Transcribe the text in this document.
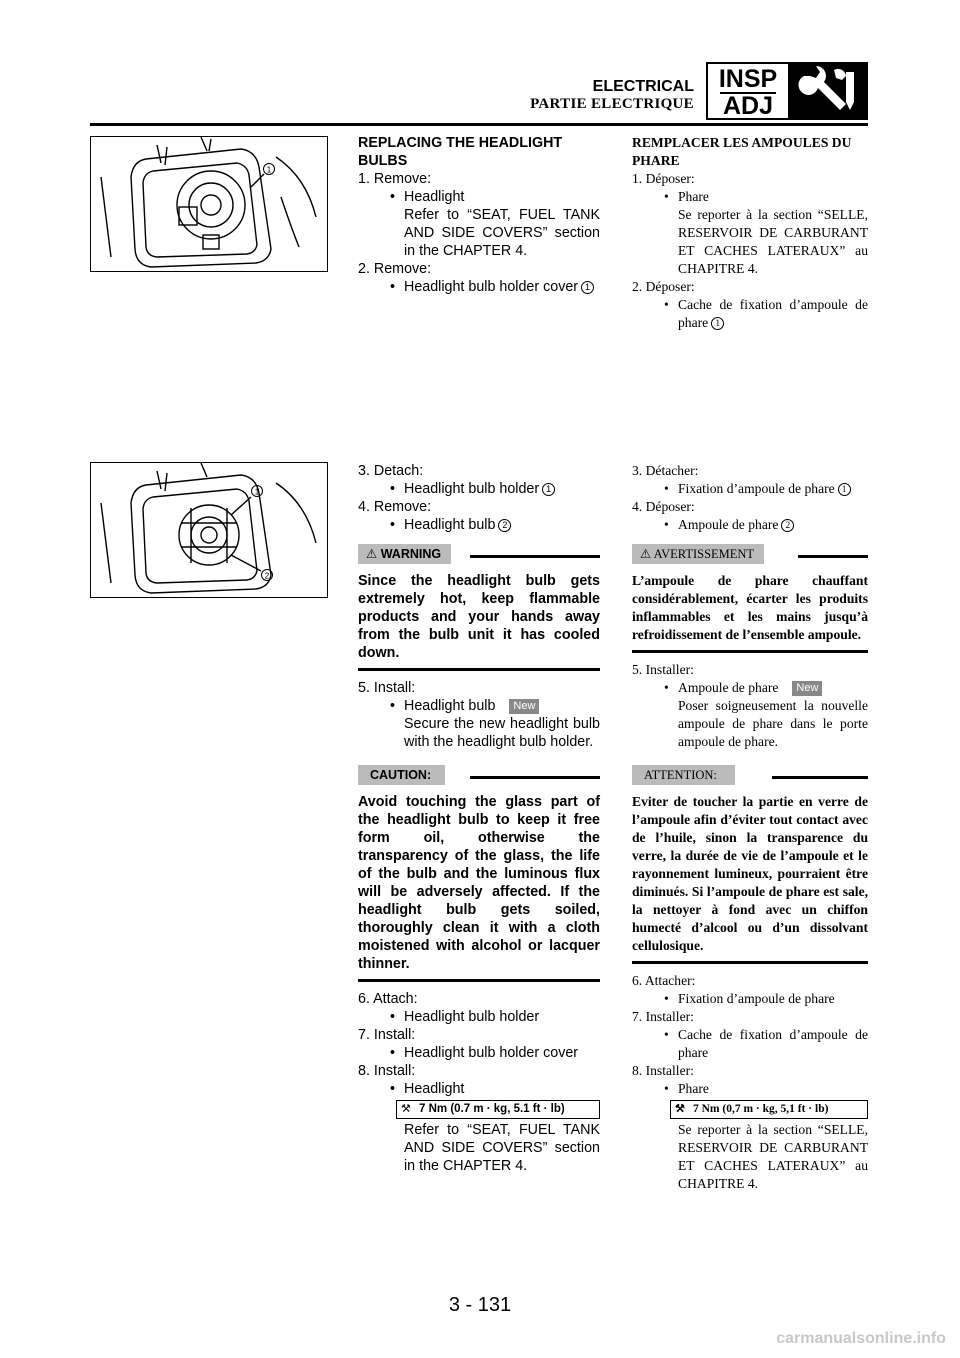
ELECTRICAL
PARTIE ELECTRIQUE
INSP
ADJ
1
1
2
REPLACING THE HEADLIGHT BULBS
1. Remove:
• Headlight
Refer to “SEAT, FUEL TANK AND SIDE COVERS” section in the CHAPTER 4.
2. Remove:
• Headlight bulb holder cover 1
REMPLACER LES AMPOULES DU PHARE
1. Déposer:
• Phare
Se reporter à la section “SELLE, RESERVOIR DE CARBURANT ET CACHES LATERAUX” au CHAPITRE 4.
2. Déposer:
• Cache de fixation d’ampoule de phare 1
3. Detach:
• Headlight bulb holder 1
4. Remove:
• Headlight bulb 2
⚠ WARNING
Since the headlight bulb gets extremely hot, keep flammable products and your hands away from the bulb unit it has cooled down.
5. Install:
• Headlight bulb New
Secure the new headlight bulb with the headlight bulb holder.
CAUTION:
Avoid touching the glass part of the headlight bulb to keep it free form oil, otherwise the transparency of the glass, the life of the bulb and the luminous flux will be adversely affected. If the headlight bulb gets soiled, thoroughly clean it with a cloth moistened with alcohol or lacquer thinner.
6. Attach:
• Headlight bulb holder
7. Install:
• Headlight bulb holder cover
8. Install:
• Headlight
⚒ 7 Nm (0.7 m · kg, 5.1 ft · lb)
Refer to “SEAT, FUEL TANK AND SIDE COVERS” section in the CHAPTER 4.
3. Détacher:
• Fixation d’ampoule de phare 1
4. Déposer:
• Ampoule de phare 2
⚠ AVERTISSEMENT
L’ampoule de phare chauffant considérablement, écarter les produits inflammables et les mains jusqu’à refroidissement de l’ensemble ampoule.
5. Installer:
• Ampoule de phare New
Poser soigneusement la nouvelle ampoule de phare dans le porte ampoule de phare.
ATTENTION:
Eviter de toucher la partie en verre de l’ampoule afin d’éviter tout contact avec de l’huile, sinon la transparence du verre, la durée de vie de l’ampoule et le rayonnement lumineux, pourraient être diminués. Si l’ampoule de phare est sale, la nettoyer à fond avec un chiffon humecté d’alcool ou d’un dissolvant cellulosique.
6. Attacher:
• Fixation d’ampoule de phare
7. Installer:
• Cache de fixation d’ampoule de phare
8. Installer:
• Phare
⚒ 7 Nm (0,7 m · kg, 5,1 ft · lb)
Se reporter à la section “SELLE, RESERVOIR DE CARBURANT ET CACHES LATERAUX” au CHAPITRE 4.
3 - 131
carmanualsonline.info
